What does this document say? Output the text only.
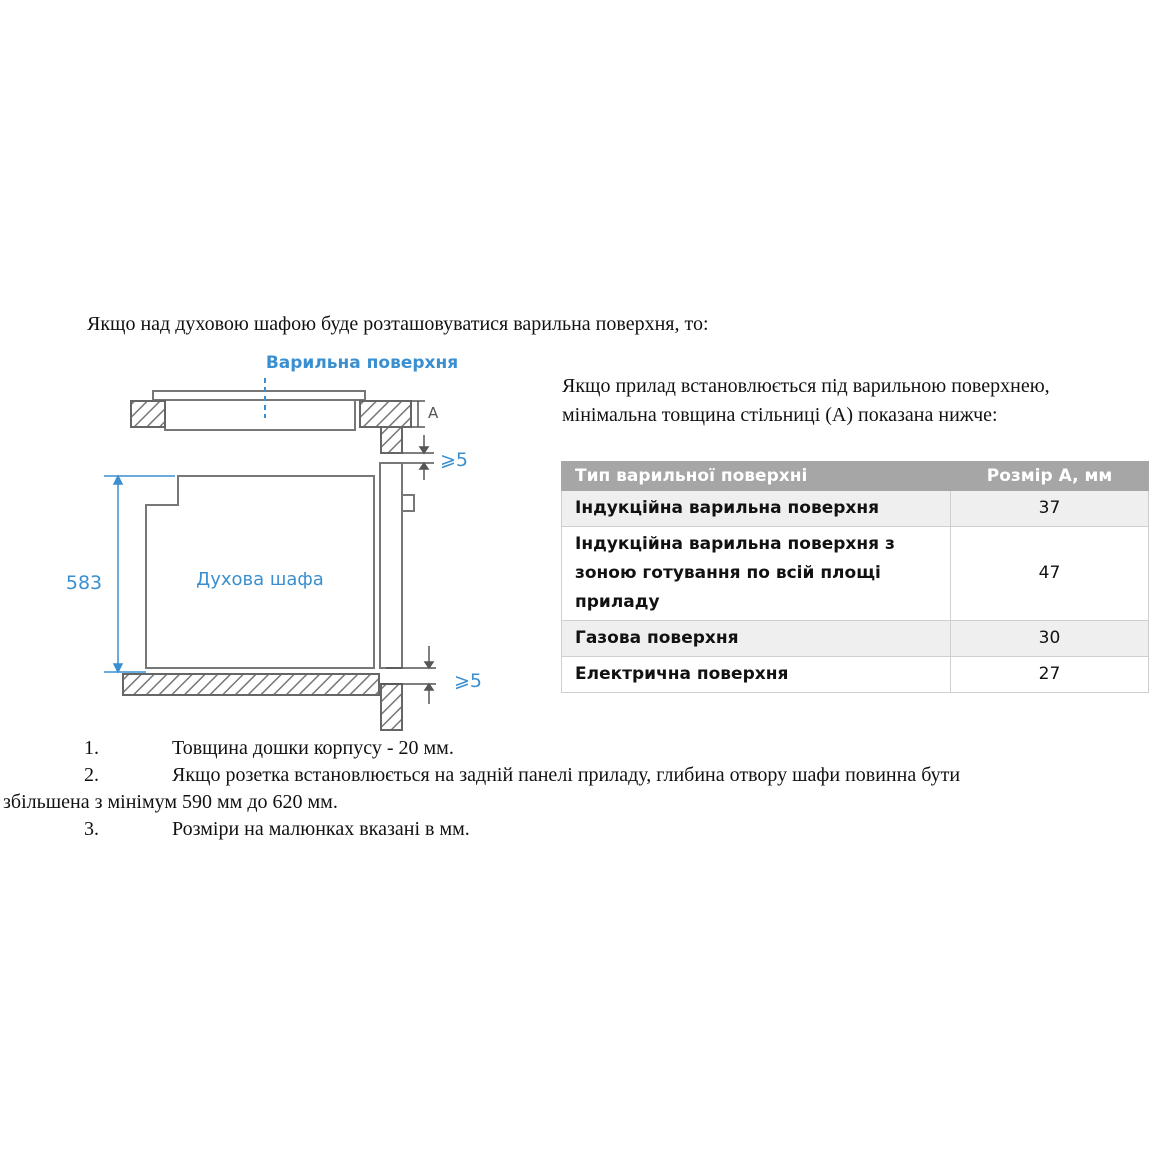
Якщо над духовою шафою буде розташовуватися варильна поверхня, то:
A
⩾5
Духова шафа
Варильна поверхня
583
⩾5
Якщо прилад встановлюється під варильною поверхнею,
мінімальна товщина стільниці (A) показана нижче:
Тип варильної поверхні	Розмір A, мм
Індукційна варильна поверхня	37
Індукційна варильна поверхня з зоною готування по всій площі приладу	47
Газова поверхня	30
Електрична поверхня	27
1.	Товщина дошки корпусу - 20 мм.
2.	Якщо розетка встановлюється на задній панелі приладу, глибина отвору шафи повинна бути
збільшена з мінімум 590 мм до 620 мм.
3.	Розміри на малюнках вказані в мм.
